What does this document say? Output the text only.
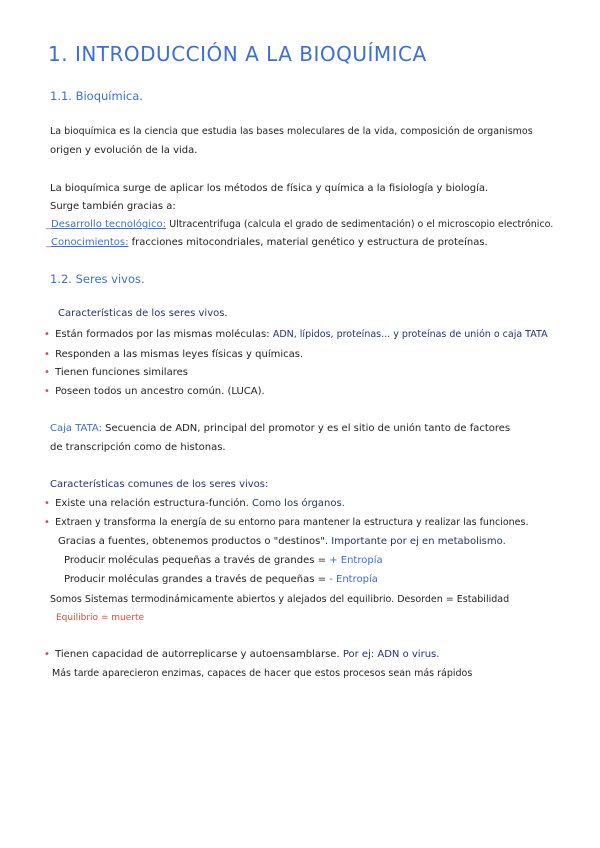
1. INTRODUCCIÓN A LA BIOQUÍMICA
1.1. Bioquímica.
La bioquímica es la ciencia que estudia las bases moleculares de la vida, composición de organismos
origen y evolución de la vida.
La bioquímica surge de aplicar los métodos de física y química a la fisiología y biología.
Surge también gracias a:
_ Desarrollo tecnológico: Ultracentrifuga (calcula el grado de sedimentación) o el microscopio electrónico.
_ Conocimientos: fracciones mitocondriales, material genético y estructura de proteínas.
1.2. Seres vivos.
Características de los seres vivos.
• Están formados por las mismas moléculas: ADN, lípidos, proteínas... y proteínas de unión o caja TATA
• Responden a las mismas leyes físicas y químicas.
• Tienen funciones similares
• Poseen todos un ancestro común. (LUCA).
Caja TATA: Secuencia de ADN, principal del promotor y es el sitio de unión tanto de factores
de transcripción como de histonas.
Características comunes de los seres vivos:
• Existe una relación estructura-función. Como los órganos.
• Extraen y transforma la energía de su entorno para mantener la estructura y realizar las funciones.
Gracias a fuentes, obtenemos productos o "destinos". Importante por ej en metabolismo.
Producir moléculas pequeñas a través de grandes = + Entropía
Producir moléculas grandes a través de pequeñas = - Entropía
Somos Sistemas termodinámicamente abiertos y alejados del equilibrio. Desorden = Estabilidad
Equilibrio = muerte
• Tienen capacidad de autorreplicarse y autoensamblarse. Por ej: ADN o virus.
Más tarde aparecieron enzimas, capaces de hacer que estos procesos sean más rápidos
